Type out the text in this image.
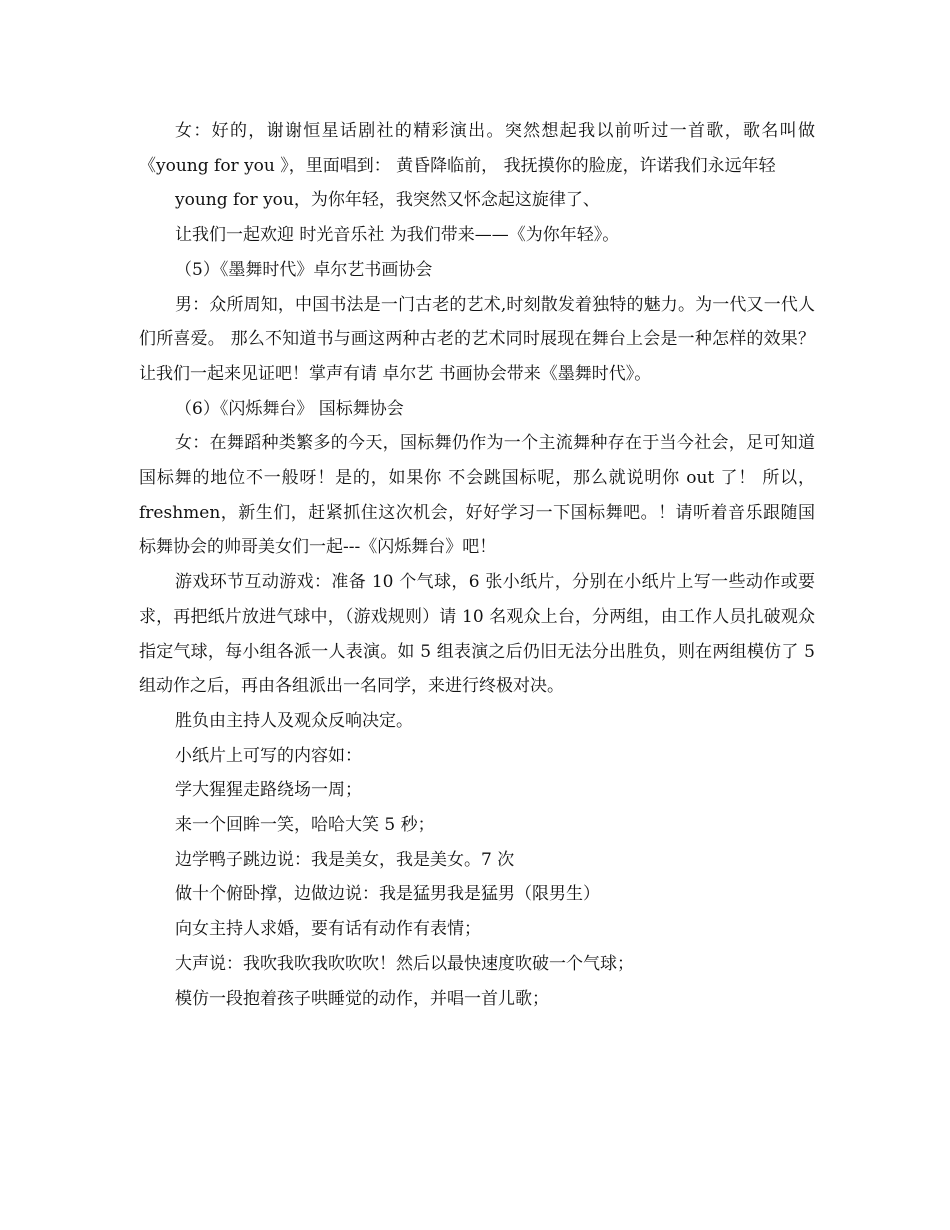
女：好的，谢谢恒星话剧社的精彩演出。突然想起我以前听过一首歌，歌名叫做《young for you 》，里面唱到： 黄昏降临前， 我抚摸你的脸庞，许诺我们永远年轻

young for you，为你年轻，我突然又怀念起这旋律了、

让我们一起欢迎 时光音乐社 为我们带来——《为你年轻》。

（5）《墨舞时代》卓尔艺书画协会

男：众所周知，中国书法是一门古老的艺术,时刻散发着独特的魅力。为一代又一代人们所喜爱。 那么不知道书与画这两种古老的艺术同时展现在舞台上会是一种怎样的效果？让我们一起来见证吧！掌声有请 卓尔艺 书画协会带来《墨舞时代》。

（6）《闪烁舞台》 国标舞协会

女：在舞蹈种类繁多的今天，国标舞仍作为一个主流舞种存在于当今社会，足可知道国标舞的地位不一般呀！是的，如果你 不会跳国标呢，那么就说明你 out 了！ 所以，freshmen，新生们，赶紧抓住这次机会，好好学习一下国标舞吧。！请听着音乐跟随国标舞协会的帅哥美女们一起---《闪烁舞台》吧！

游戏环节互动游戏：准备 10 个气球，6 张小纸片，分别在小纸片上写一些动作或要求，再把纸片放进气球中，（游戏规则）请 10 名观众上台，分两组，由工作人员扎破观众指定气球，每小组各派一人表演。如 5 组表演之后仍旧无法分出胜负，则在两组模仿了 5 组动作之后，再由各组派出一名同学，来进行终极对决。

胜负由主持人及观众反响决定。

小纸片上可写的内容如：

学大猩猩走路绕场一周；

来一个回眸一笑，哈哈大笑 5 秒；

边学鸭子跳边说：我是美女，我是美女。7 次

做十个俯卧撑，边做边说：我是猛男我是猛男（限男生）

向女主持人求婚，要有话有动作有表情；

大声说：我吹我吹我吹吹吹！然后以最快速度吹破一个气球；

模仿一段抱着孩子哄睡觉的动作，并唱一首儿歌；
